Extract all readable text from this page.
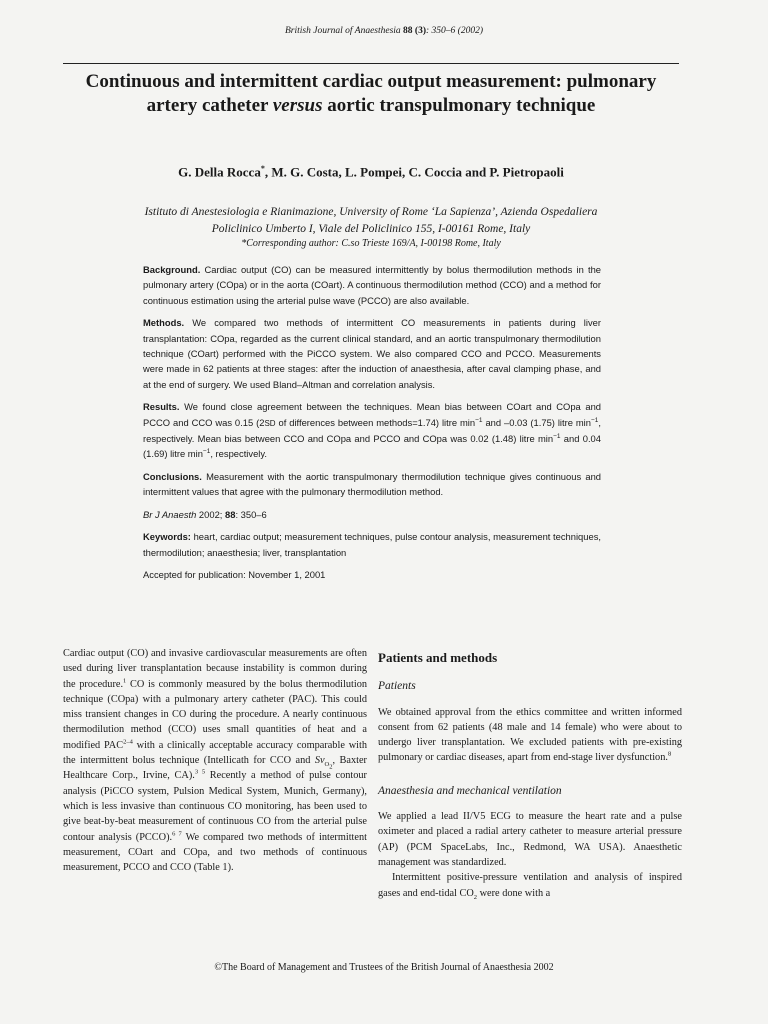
British Journal of Anaesthesia 88 (3): 350–6 (2002)
Continuous and intermittent cardiac output measurement: pulmonary artery catheter versus aortic transpulmonary technique
G. Della Rocca*, M. G. Costa, L. Pompei, C. Coccia and P. Pietropaoli
Istituto di Anestesiologia e Rianimazione, University of Rome ‘La Sapienza’, Azienda Ospedaliera
Policlinico Umberto I, Viale del Policlinico 155, I-00161 Rome, Italy
*Corresponding author: C.so Trieste 169/A, I-00198 Rome, Italy

Background. Cardiac output (CO) can be measured intermittently by bolus thermodilution methods in the pulmonary artery (COpa) or in the aorta (COart). A continuous thermodilution method (CCO) and a method for continuous estimation using the arterial pulse wave (PCCO) are also available.

Methods. We compared two methods of intermittent CO measurements in patients during liver transplantation: COpa, regarded as the current clinical standard, and an aortic transpulmonary thermodilution technique (COart) performed with the PiCCO system. We also compared CCO and PCCO. Measurements were made in 62 patients at three stages: after the induction of anaesthesia, after caval clamping phase, and at the end of surgery. We used Bland–Altman and correlation analysis.

Results. We found close agreement between the techniques. Mean bias between COart and COpa and PCCO and CCO was 0.15 (2SD of differences between methods=1.74) litre $\min^{-1}$ and –0.03 (1.75) litre $\min^{-1}$, respectively. Mean bias between CCO and COpa and PCCO and COpa was 0.02 (1.48) litre $\min^{-1}$ and 0.04 (1.69) litre $\min^{-1}$, respectively.

Conclusions. Measurement with the aortic transpulmonary thermodilution technique gives continuous and intermittent values that agree with the pulmonary thermodilution method.

Br J Anaesth 2002; 88: 350–6

Keywords: heart, cardiac output; measurement techniques, pulse contour analysis, measurement techniques, thermodilution; anaesthesia; liver, transplantation

Accepted for publication: November 1, 2001

Cardiac output (CO) and invasive cardiovascular measurements are often used during liver transplantation because instability is common during the procedure.$^1$ CO is commonly measured by the bolus thermodilution technique (COpa) with a pulmonary artery catheter (PAC). This could miss transient changes in CO during the procedure. A nearly continuous thermodilution method (CCO) uses small quantities of heat and a modified PAC$^{2-4}$ with a clinically acceptable accuracy comparable with the intermittent bolus technique (Intellicath for CCO and $Sv_{O_2}$, Baxter Healthcare Corp., Irvine, CA).$^{3 5}$ Recently a method of pulse contour analysis (PiCCO system, Pulsion Medical System, Munich, Germany), which is less invasive than continuous CO monitoring, has been used to give beat-by-beat measurement of continuous CO from the arterial pulse contour analysis (PCCO).$^{6 7}$ We compared two methods of intermittent measurement, COart and COpa, and two methods of continuous measurement, PCCO and CCO (Table 1).

Patients and methods
Patients

We obtained approval from the ethics committee and written informed consent from 62 patients (48 male and 14 female) who were about to undergo liver transplantation. We excluded patients with pre-existing pulmonary or cardiac diseases, apart from end-stage liver dysfunction.$^8$

Anaesthesia and mechanical ventilation

We applied a lead II/V5 ECG to measure the heart rate and a pulse oximeter and placed a radial artery catheter to measure arterial pressure (AP) (PCM SpaceLabs, Inc., Redmond, WA USA). Anaesthetic management was standardized.

Intermittent positive-pressure ventilation and analysis of inspired gases and end-tidal $CO_2$ were done with a

©The Board of Management and Trustees of the British Journal of Anaesthesia 2002
